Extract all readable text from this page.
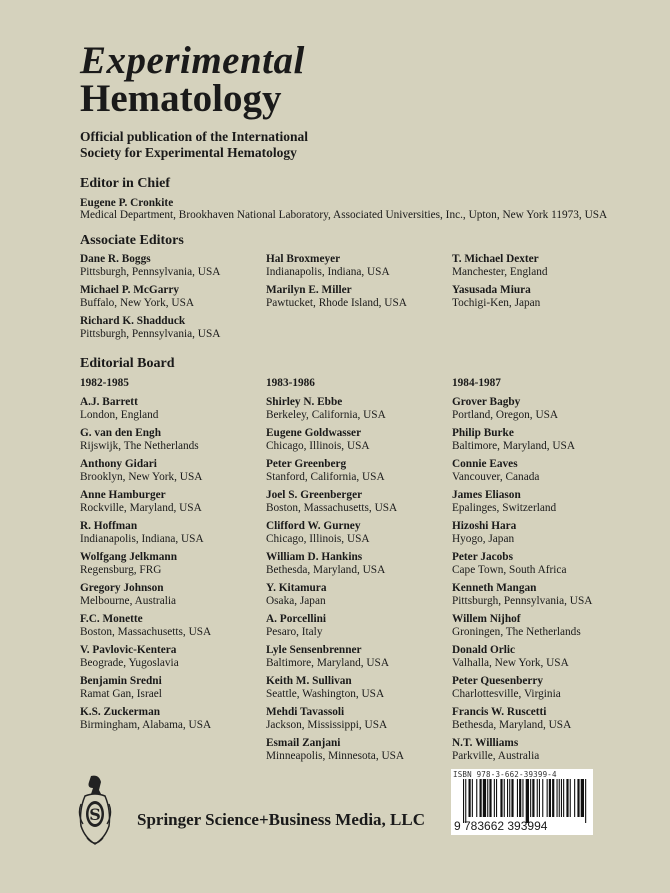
Experimental
Hematology
Official publication of the International
Society for Experimental Hematology
Editor in Chief
Eugene P. Cronkite
Medical Department, Brookhaven National Laboratory, Associated Universities, Inc., Upton, New York 11973, USA
Associate Editors
Dane R. Boggs
Pittsburgh, Pennsylvania, USA
Michael P. McGarry
Buffalo, New York, USA
Richard K. Shadduck
Pittsburgh, Pennsylvania, USA
Hal Broxmeyer
Indianapolis, Indiana, USA
Marilyn E. Miller
Pawtucket, Rhode Island, USA
T. Michael Dexter
Manchester, England
Yasusada Miura
Tochigi-Ken, Japan
Editorial Board
1982-1985
A.J. Barrett
London, England
G. van den Engh
Rijswijk, The Netherlands
Anthony Gidari
Brooklyn, New York, USA
Anne Hamburger
Rockville, Maryland, USA
R. Hoffman
Indianapolis, Indiana, USA
Wolfgang Jelkmann
Regensburg, FRG
Gregory Johnson
Melbourne, Australia
F.C. Monette
Boston, Massachusetts, USA
V. Pavlovic-Kentera
Beograde, Yugoslavia
Benjamin Sredni
Ramat Gan, Israel
K.S. Zuckerman
Birmingham, Alabama, USA
1983-1986
Shirley N. Ebbe
Berkeley, California, USA
Eugene Goldwasser
Chicago, Illinois, USA
Peter Greenberg
Stanford, California, USA
Joel S. Greenberger
Boston, Massachusetts, USA
Clifford W. Gurney
Chicago, Illinois, USA
William D. Hankins
Bethesda, Maryland, USA
Y. Kitamura
Osaka, Japan
A. Porcellini
Pesaro, Italy
Lyle Sensenbrenner
Baltimore, Maryland, USA
Keith M. Sullivan
Seattle, Washington, USA
Mehdi Tavassoli
Jackson, Mississippi, USA
Esmail Zanjani
Minneapolis, Minnesota, USA
1984-1987
Grover Bagby
Portland, Oregon, USA
Philip Burke
Baltimore, Maryland, USA
Connie Eaves
Vancouver, Canada
James Eliason
Epalinges, Switzerland
Hizoshi Hara
Hyogo, Japan
Peter Jacobs
Cape Town, South Africa
Kenneth Mangan
Pittsburgh, Pennsylvania, USA
Willem Nijhof
Groningen, The Netherlands
Donald Orlic
Valhalla, New York, USA
Peter Quesenberry
Charlottesville, Virginia
Francis W. Ruscetti
Bethesda, Maryland, USA
N.T. Williams
Parkville, Australia
S Springer Science+Business Media, LLC
ISBN 978-3-662-39399-4
9 783662 393994
